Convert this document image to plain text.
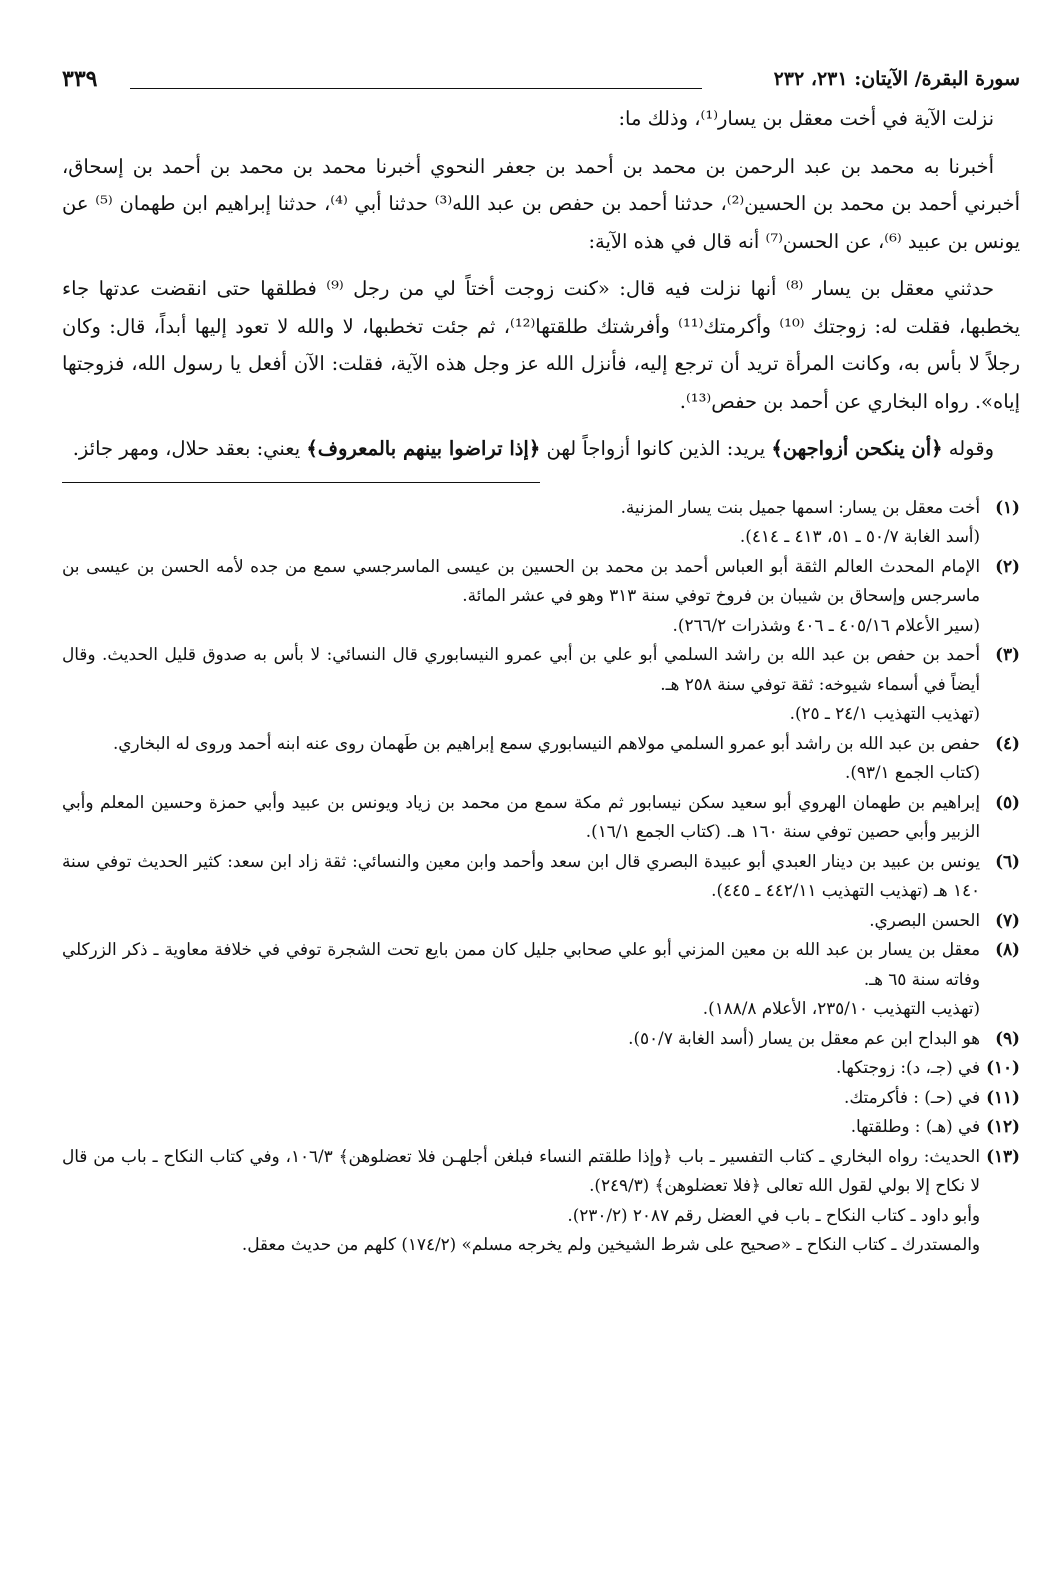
سورة البقرة/ الآيتان: ٢٣١، ٢٣٢
٣٣٩

نزلت الآية في أخت معقل بن يسار⁽¹⁾، وذلك ما:

أخبرنا به محمد بن عبد الرحمن بن محمد بن أحمد بن جعفر النحوي أخبرنا محمد بن محمد بن أحمد بن إسحاق، أخبرني أحمد بن محمد بن الحسين⁽²⁾، حدثنا أحمد بن حفص بن عبد الله⁽³⁾ حدثنا أبي ⁽⁴⁾، حدثنا إبراهيم ابن طهمان ⁽⁵⁾ عن يونس بن عبيد ⁽⁶⁾، عن الحسن⁽⁷⁾ أنه قال في هذه الآية:

حدثني معقل بن يسار ⁽⁸⁾ أنها نزلت فيه قال: «كنت زوجت أختاً لي من رجل ⁽⁹⁾ فطلقها حتى انقضت عدتها جاء يخطبها، فقلت له: زوجتك ⁽¹⁰⁾ وأكرمتك⁽¹¹⁾ وأفرشتك طلقتها⁽¹²⁾، ثم جئت تخطبها، لا والله لا تعود إليها أبداً، قال: وكان رجلاً لا بأس به، وكانت المرأة تريد أن ترجع إليه، فأنزل الله عز وجل هذه الآية، فقلت: الآن أفعل يا رسول الله، فزوجتها إياه». رواه البخاري عن أحمد بن حفص⁽¹³⁾.

وقوله ﴿أن ينكحن أزواجهن﴾ يريد: الذين كانوا أزواجاً لهن ﴿إذا تراضوا بينهم بالمعروف﴾ يعني: بعقد حلال، ومهر جائز.

(١)
أخت معقل بن يسار: اسمها جميل بنت يسار المزنية.
(أسد الغابة ٥٠/٧ ـ ٥١، ٤١٣ ـ ٤١٤).
(٢)
الإمام المحدث العالم الثقة أبو العباس أحمد بن محمد بن الحسين بن عيسى الماسرجسي سمع من جده لأمه الحسن بن عيسى بن ماسرجس وإسحاق بن شيبان بن فروخ توفي سنة ٣١٣ وهو في عشر المائة.
(سير الأعلام ٤٠٥/١٦ ـ ٤٠٦ وشذرات ٢٦٦/٢).
(٣)
أحمد بن حفص بن عبد الله بن راشد السلمي أبو علي بن أبي عمرو النيسابوري قال النسائي: لا بأس به صدوق قليل الحديث. وقال أيضاً في أسماء شيوخه: ثقة توفي سنة ٢٥٨ هـ.
(تهذيب التهذيب ٢٤/١ ـ ٢٥).
(٤)
حفص بن عبد الله بن راشد أبو عمرو السلمي مولاهم النيسابوري سمع إبراهيم بن طَهمان روى عنه ابنه أحمد وروى له البخاري.
(كتاب الجمع ٩٣/١).
(٥)
إبراهيم بن طهمان الهروي أبو سعيد سكن نيسابور ثم مكة سمع من محمد بن زياد ويونس بن عبيد وأبي حمزة وحسين المعلم وأبي الزبير وأبي حصين توفي سنة ١٦٠ هـ. (كتاب الجمع ١٦/١).
(٦)
يونس بن عبيد بن دينار العبدي أبو عبيدة البصري قال ابن سعد وأحمد وابن معين والنسائي: ثقة زاد ابن سعد: كثير الحديث توفي سنة ١٤٠ هـ (تهذيب التهذيب ٤٤٢/١١ ـ ٤٤٥).
(٧)
الحسن البصري.
(٨)
معقل بن يسار بن عبد الله بن معين المزني أبو علي صحابي جليل كان ممن بايع تحت الشجرة توفي في خلافة معاوية ـ ذكر الزركلي وفاته سنة ٦٥ هـ.
(تهذيب التهذيب ٢٣٥/١٠، الأعلام ١٨٨/٨).
(٩)
هو البداح ابن عم معقل بن يسار (أسد الغابة ٥٠/٧).
(١٠)
في (جـ، د): زوجتكها.
(١١)
في (حـ) : فأكرمتك.
(١٢)
في (هـ) : وطلقتها.
(١٣)
الحديث: رواه البخاري ـ كتاب التفسير ـ باب ﴿وإذا طلقتم النساء فبلغن أجلهـن فلا تعضلوهن﴾ ١٠٦/٣، وفي كتاب النكاح ـ باب من قال لا نكاح إلا بولي لقول الله تعالى ﴿فلا تعضلوهن﴾ (٢٤٩/٣).
وأبو داود ـ كتاب النكاح ـ باب في العضل رقم ٢٠٨٧ (٢٣٠/٢).
والمستدرك ـ كتاب النكاح ـ «صحيح على شرط الشيخين ولم يخرجه مسلم» (١٧٤/٢) كلهم من حديث معقل.
